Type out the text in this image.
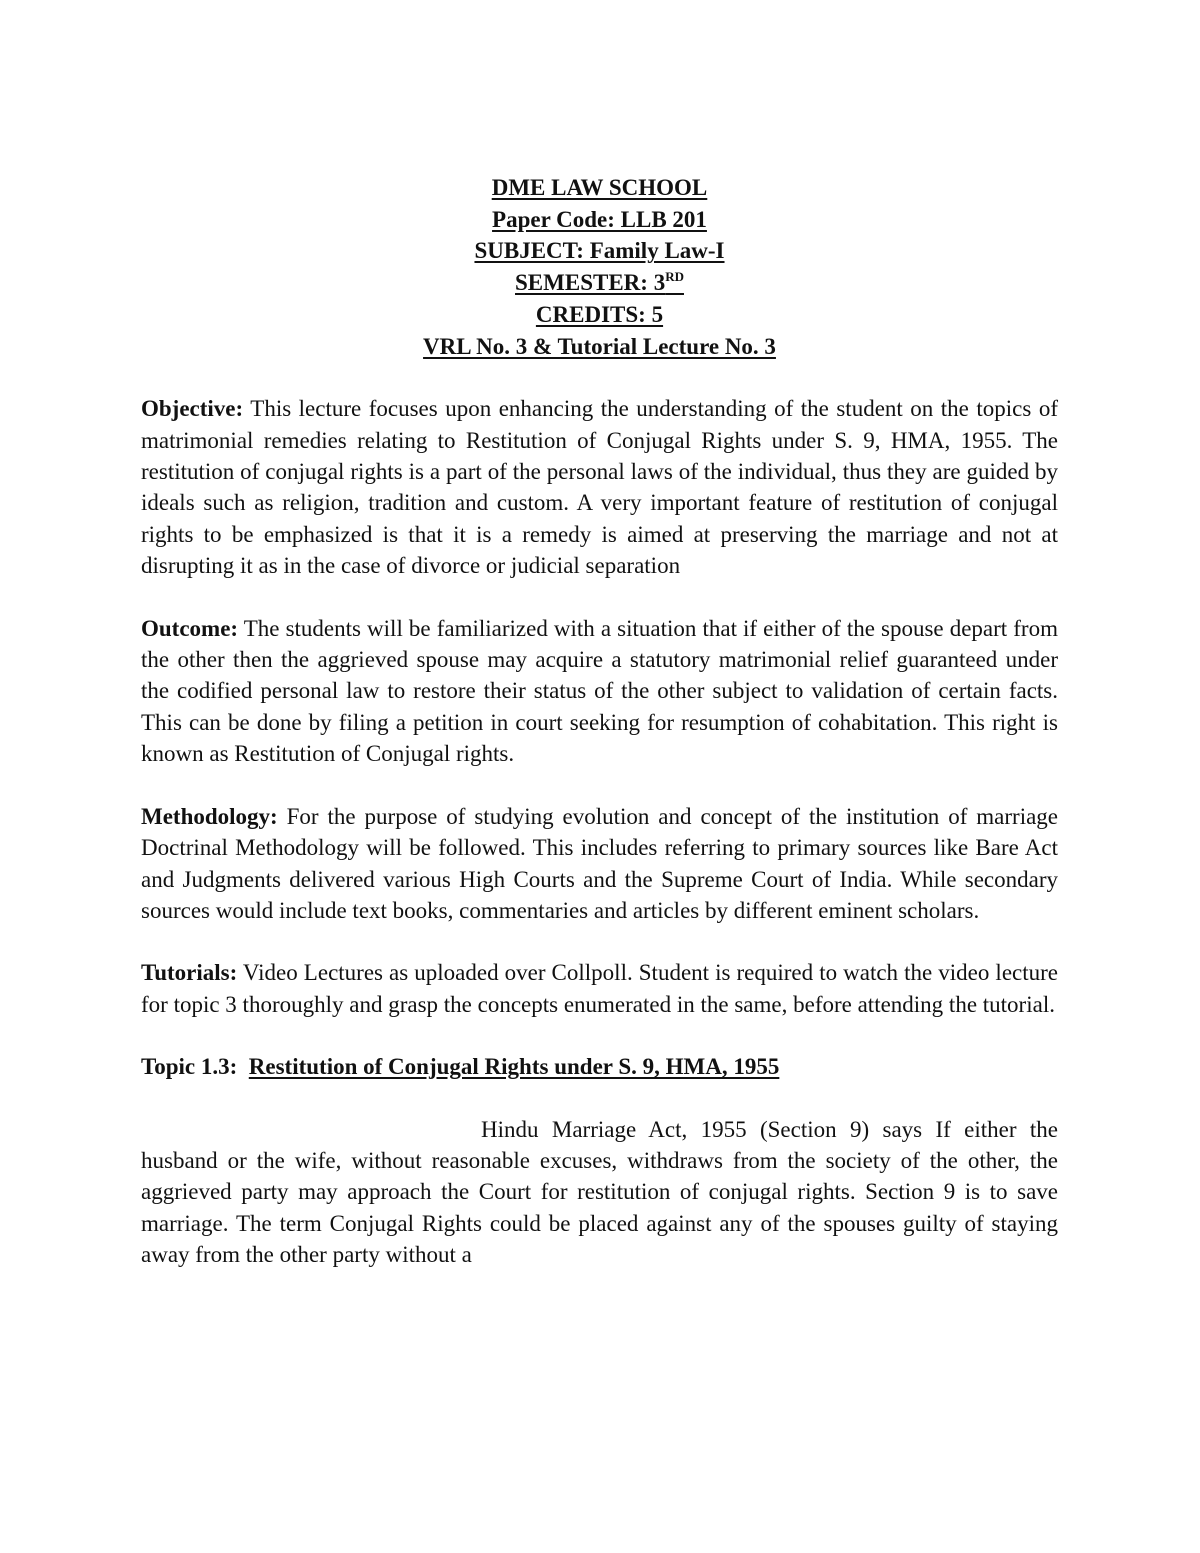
DME LAW SCHOOL
Paper Code: LLB 201
SUBJECT: Family Law-I
SEMESTER: 3RD
CREDITS: 5
VRL No. 3 & Tutorial Lecture No. 3
Objective: This lecture focuses upon enhancing the understanding of the student on the topics of matrimonial remedies relating to Restitution of Conjugal Rights under S. 9, HMA, 1955. The restitution of conjugal rights is a part of the personal laws of the individual, thus they are guided by ideals such as religion, tradition and custom. A very important feature of restitution of conjugal rights to be emphasized is that it is a remedy is aimed at preserving the marriage and not at disrupting it as in the case of divorce or judicial separation
Outcome: The students will be familiarized with a situation that if either of the spouse depart from the other then the aggrieved spouse may acquire a statutory matrimonial relief guaranteed under the codified personal law to restore their status of the other subject to validation of certain facts. This can be done by filing a petition in court seeking for resumption of cohabitation. This right is known as Restitution of Conjugal rights.
Methodology: For the purpose of studying evolution and concept of the institution of marriage Doctrinal Methodology will be followed. This includes referring to primary sources like Bare Act and Judgments delivered various High Courts and the Supreme Court of India. While secondary sources would include text books, commentaries and articles by different eminent scholars.
Tutorials: Video Lectures as uploaded over Collpoll. Student is required to watch the video lecture for topic 3 thoroughly and grasp the concepts enumerated in the same, before attending the tutorial.
Topic 1.3: Restitution of Conjugal Rights under S. 9, HMA, 1955
Hindu Marriage Act, 1955 (Section 9) says If either the husband or the wife, without reasonable excuses, withdraws from the society of the other, the aggrieved party may approach the Court for restitution of conjugal rights. Section 9 is to save marriage. The term Conjugal Rights could be placed against any of the spouses guilty of staying away from the other party without a
